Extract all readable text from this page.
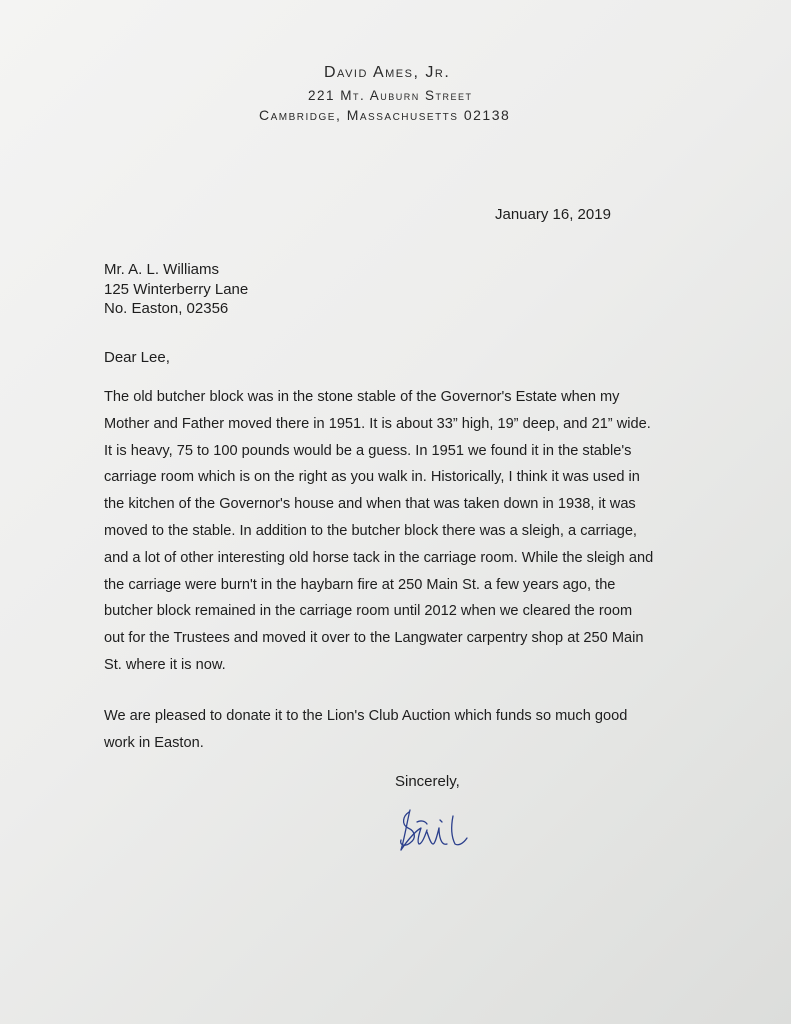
David Ames, Jr.
221 Mt. Auburn Street
Cambridge, Massachusetts 02138
January 16, 2019
Mr. A. L. Williams
125 Winterberry Lane
No. Easton, 02356
Dear Lee,
The old butcher block was in the stone stable of the Governor's Estate when my
Mother and Father moved there in 1951. It is about 33” high, 19” deep, and 21” wide.
It is heavy, 75 to 100 pounds would be a guess. In 1951 we found it in the stable's
carriage room which is on the right as you walk in. Historically, I think it was used in
the kitchen of the Governor's house and when that was taken down in 1938, it was
moved to the stable. In addition to the butcher block there was a sleigh, a carriage,
and a lot of other interesting old horse tack in the carriage room. While the sleigh and
the carriage were burn't in the haybarn fire at 250 Main St. a few years ago, the
butcher block remained in the carriage room until 2012 when we cleared the room
out for the Trustees and moved it over to the Langwater carpentry shop at 250 Main
St. where it is now.
We are pleased to donate it to the Lion's Club Auction which funds so much good
work in Easton.
Sincerely,
